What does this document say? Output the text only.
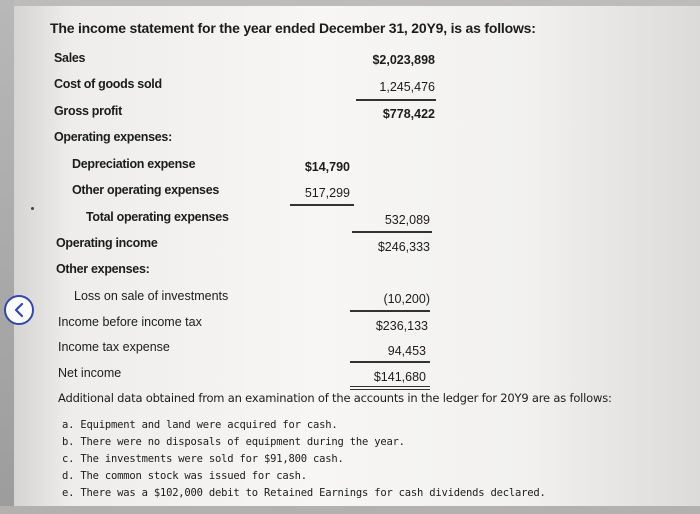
The income statement for the year ended December 31, 20Y9, is as follows:
Sales	$2,023,898
Cost of goods sold	1,245,476
Gross profit	$778,422
Operating expenses:
Depreciation expense	$14,790
Other operating expenses	517,299
Total operating expenses	532,089
Operating income	$246,333
Other expenses:
Loss on sale of investments	(10,200)
Income before income tax	$236,133
Income tax expense	94,453
Net income	$141,680
Additional data obtained from an examination of the accounts in the ledger for 20Y9 are as follows:
a. Equipment and land were acquired for cash.
b. There were no disposals of equipment during the year.
c. The investments were sold for $91,800 cash.
d. The common stock was issued for cash.
e. There was a $102,000 debit to Retained Earnings for cash dividends declared.
